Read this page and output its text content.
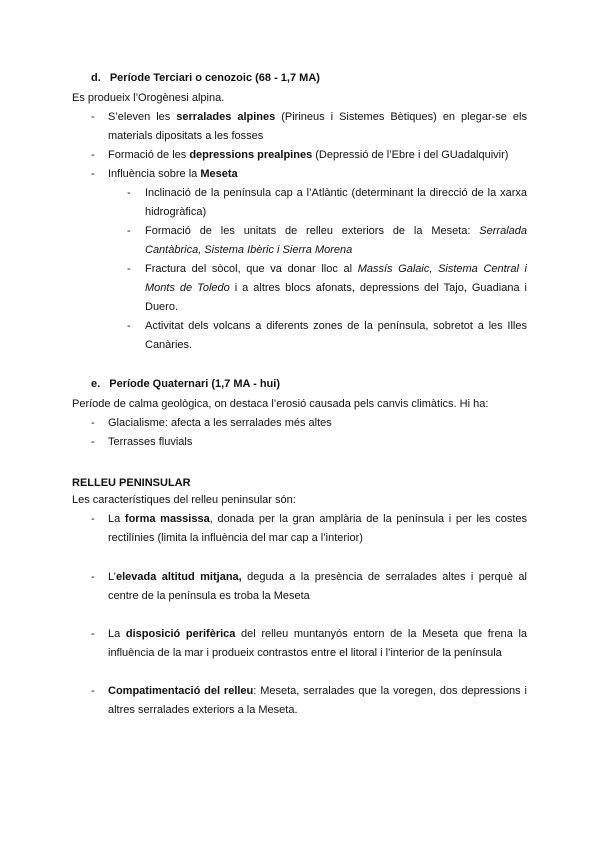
d. Període Terciari o cenozoic (68 - 1,7 MA)
Es produeix l’Orogènesi alpina.
- S’eleven les serralades alpines (Pirineus i Sistemes Bètiques) en plegar-se els materials dipositats a les fosses
- Formació de les depressions prealpines (Depressió de l’Ebre i del GUadalquivir)
- Influència sobre la Meseta
- Inclinació de la península cap a l’Atlàntic (determinant la direcció de la xarxa hidrogràfica)
- Formació de les unitats de relleu exteriors de la Meseta: Serralada Cantàbrica, Sistema Ibèric i Sierra Morena
- Fractura del sòcol, que va donar lloc al Massís Galaic, Sistema Central i Monts de Toledo i a altres blocs afonats, depressions del Tajo, Guadiana i Duero.
- Activitat dels volcans a diferents zones de la península, sobretot a les Illes Canàries.
e. Període Quaternari (1,7 MA - hui)
Període de calma geològica, on destaca l’erosió causada pels canvis climàtics. Hi ha:
- Glacialisme: afecta a les serralades més altes
- Terrasses fluvials
RELLEU PENINSULAR
Les característiques del relleu peninsular són:
- La forma massissa, donada per la gran amplària de la península i per les costes rectilínies (limita la influència del mar cap a l’interior)
- L’elevada altitud mitjana, deguda a la presència de serralades altes i perquè al centre de la península es troba la Meseta
- La disposició perifèrica del relleu muntanyós entorn de la Meseta que frena la influència de la mar i produeix contrastos entre el litoral i l’interior de la península
- Compatimentació del relleu: Meseta, serralades que la voregen, dos depressions i altres serralades exteriors a la Meseta.
